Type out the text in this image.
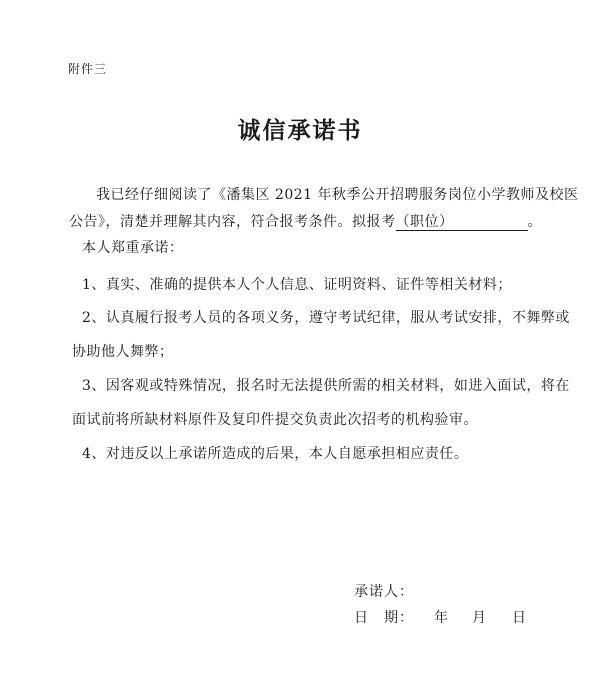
附件三
诚信承诺书
我已经仔细阅读了《潘集区 2021 年秋季公开招聘服务岗位小学教师及校医
公告》，清楚并理解其内容，符合报考条件。拟报考（职位）	。
本人郑重承诺：
1、真实、准确的提供本人个人信息、证明资料、证件等相关材料；
2、认真履行报考人员的各项义务，遵守考试纪律，服从考试安排，不舞弊或
协助他人舞弊；
3、因客观或特殊情况，报名时无法提供所需的相关材料，如进入面试，将在
面试前将所缺材料原件及复印件提交负责此次招考的机构验审。
4、对违反以上承诺所造成的后果，本人自愿承担相应责任。
承诺人：
日　期： 年 月 日
